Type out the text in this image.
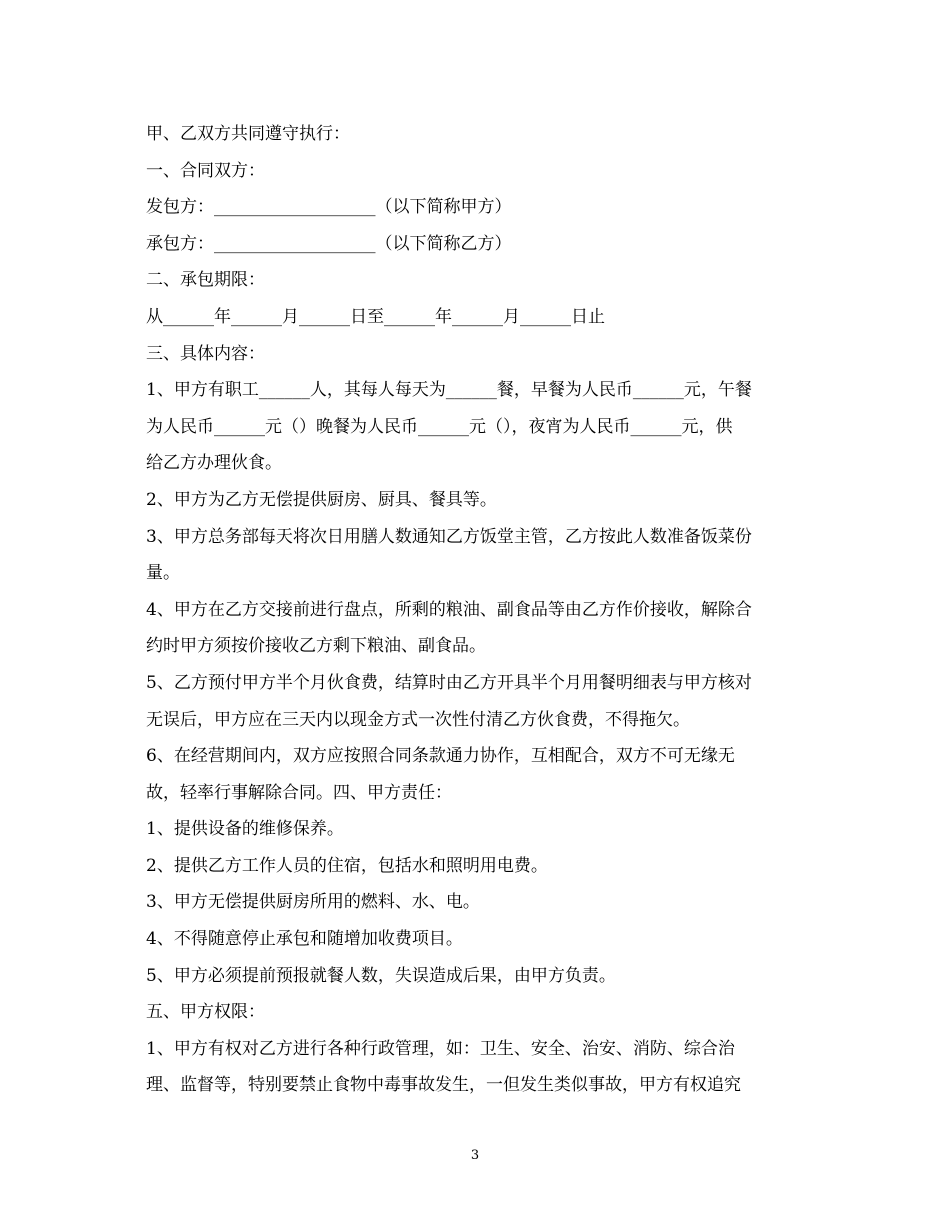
甲、乙双方共同遵守执行：
一、合同双方：
发包方：___________________（以下简称甲方）
承包方：___________________（以下简称乙方）
二、承包期限：
从______年______月______日至______年______月______日止
三、具体内容：
1、甲方有职工______人，其每人每天为______餐，早餐为人民币______元，午餐
为人民币______元（）晚餐为人民币______元（），夜宵为人民币______元，供
给乙方办理伙食。
2、甲方为乙方无偿提供厨房、厨具、餐具等。
3、甲方总务部每天将次日用膳人数通知乙方饭堂主管，乙方按此人数准备饭菜份
量。
4、甲方在乙方交接前进行盘点，所剩的粮油、副食品等由乙方作价接收，解除合
约时甲方须按价接收乙方剩下粮油、副食品。
5、乙方预付甲方半个月伙食费，结算时由乙方开具半个月用餐明细表与甲方核对
无误后，甲方应在三天内以现金方式一次性付清乙方伙食费，不得拖欠。
6、在经营期间内，双方应按照合同条款通力协作，互相配合，双方不可无缘无
故，轻率行事解除合同。四、甲方责任：
1、提供设备的维修保养。
2、提供乙方工作人员的住宿，包括水和照明用电费。
3、甲方无偿提供厨房所用的燃料、水、电。
4、不得随意停止承包和随增加收费项目。
5、甲方必须提前预报就餐人数，失误造成后果，由甲方负责。
五、甲方权限：
1、甲方有权对乙方进行各种行政管理，如：卫生、安全、治安、消防、综合治
理、监督等，特别要禁止食物中毒事故发生，一但发生类似事故，甲方有权追究
3
